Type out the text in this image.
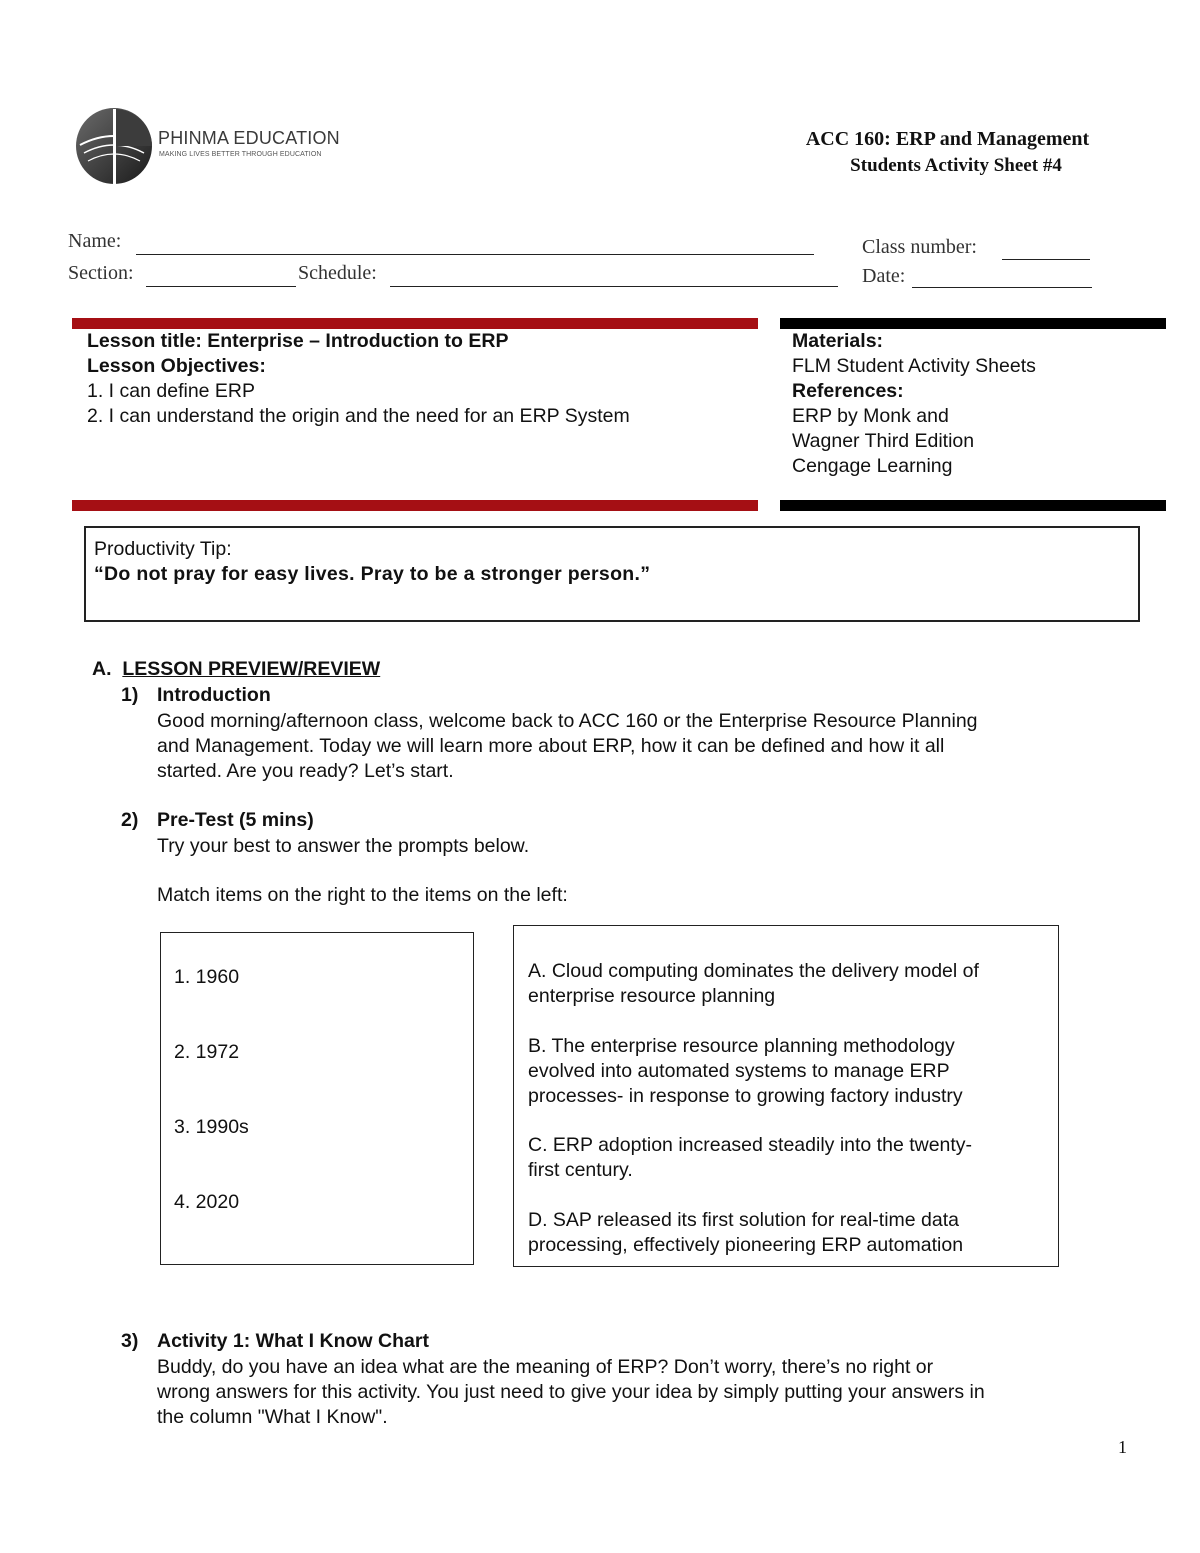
PHINMA EDUCATION
MAKING LIVES BETTER THROUGH EDUCATION
ACC 160: ERP and Management
Students Activity Sheet #4
Name:
Section:	Schedule:
Class number:
Date:
Lesson title: Enterprise – Introduction to ERP
Lesson Objectives:
1. I can define ERP
2. I can understand the origin and the need for an ERP System
Materials:
FLM Student Activity Sheets
References:
ERP by Monk and
Wagner Third Edition
Cengage Learning
Productivity Tip:
“Do not pray for easy lives. Pray to be a stronger person.”
A. LESSON PREVIEW/REVIEW
1) Introduction
Good morning/afternoon class, welcome back to ACC 160 or the Enterprise Resource Planning
and Management. Today we will learn more about ERP, how it can be defined and how it all
started. Are you ready? Let’s start.
2) Pre-Test (5 mins)
Try your best to answer the prompts below.
Match items on the right to the items on the left:
1. 1960
2. 1972
3. 1990s
4. 2020
A. Cloud computing dominates the delivery model of
enterprise resource planning
B. The enterprise resource planning methodology
evolved into automated systems to manage ERP
processes- in response to growing factory industry
C. ERP adoption increased steadily into the twenty-
first century.
D. SAP released its first solution for real-time data
processing, effectively pioneering ERP automation
3) Activity 1: What I Know Chart
Buddy, do you have an idea what are the meaning of ERP? Don’t worry, there’s no right or
wrong answers for this activity. You just need to give your idea by simply putting your answers in
the column "What I Know".
1
